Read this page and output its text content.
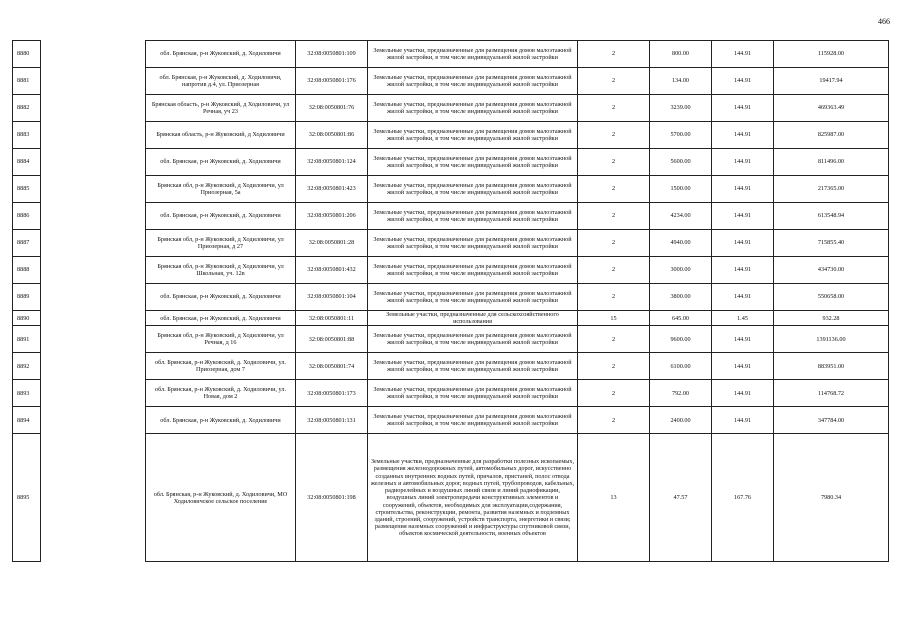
466
8880		обл. Брянская, р-н Жуковский, д. Ходиловичи	32:08:0050801:109	Земельные участки, предназначенные для размещения домов малоэтажной жилой застройки, в том числе индивидуальной жилой застройки	2	800.00	144.91	115928.00
8881		обл. Брянская, р-н Жуковский, д. Ходиловичи, напротив д.4, ул. Приозерная	32:08:0050801:176	Земельные участки, предназначенные для размещения домов малоэтажной жилой застройки, в том числе индивидуальной жилой застройки	2	134.00	144.91	19417.94
8882		Брянская область, р-н Жуковский, д Ходиловичи, ул Речная, уч 23	32:08:0050801:76	Земельные участки, предназначенные для размещения домов малоэтажной жилой застройки, в том числе индивидуальной жилой застройки	2	3239.00	144.91	469363.49
8883		Брянская область, р-н Жуковский, д Ходиловичи	32:08:0050801:86	Земельные участки, предназначенные для размещения домов малоэтажной жилой застройки, в том числе индивидуальной жилой застройки	2	5700.00	144.91	825987.00
8884		обл. Брянская, р-н Жуковский, д. Ходиловичи	32:08:0050801:124	Земельные участки, предназначенные для размещения домов малоэтажной жилой застройки, в том числе индивидуальной жилой застройки	2	5600.00	144.91	811496.00
8885		Брянская обл, р-н Жуковский, д Ходиловичи, ул Приозерная, 5а	32:08:0050801:423	Земельные участки, предназначенные для размещения домов малоэтажной жилой застройки, в том числе индивидуальной жилой застройки	2	1500.00	144.91	217365.00
8886		обл. Брянская, р-н Жуковский, д. Ходиловичи	32:08:0050801:206	Земельные участки, предназначенные для размещения домов малоэтажной жилой застройки, в том числе индивидуальной жилой застройки	2	4234.00	144.91	613548.94
8887		Брянская обл, р-н Жуковский, д Ходиловичи, ул Приозерная, д 27	32:08:0050801:28	Земельные участки, предназначенные для размещения домов малоэтажной жилой застройки, в том числе индивидуальной жилой застройки	2	4940.00	144.91	715855.40
8888		Брянская обл, р-н Жуковский, д Ходиловичи, ул Школьная, уч. 12в	32:08:0050801:432	Земельные участки, предназначенные для размещения домов малоэтажной жилой застройки, в том числе индивидуальной жилой застройки	2	3000.00	144.91	434730.00
8889		обл. Брянская, р-н Жуковский, д. Ходиловичи	32:08:0050801:104	Земельные участки, предназначенные для размещения домов малоэтажной жилой застройки, в том числе индивидуальной жилой застройки	2	3800.00	144.91	550658.00
8890		обл. Брянская, р-н Жуковский, д. Ходиловичи	32:08:0050801:11	Земельные участки, предназначенные для сельскохозяйственного использования	15	645.00	1.45	932.28
8891		Брянская обл, р-н Жуковский, д Ходиловичи, ул Речная, д 16	32:08:0050801:88	Земельные участки, предназначенные для размещения домов малоэтажной жилой застройки, в том числе индивидуальной жилой застройки	2	9600.00	144.91	1391136.00
8892		обл. Брянская, р-н Жуковский, д. Ходиловичи, ул. Приозерная, дом 7	32:08:0050801:74	Земельные участки, предназначенные для размещения домов малоэтажной жилой застройки, в том числе индивидуальной жилой застройки	2	6100.00	144.91	883951.00
8893		обл. Брянская, р-н Жуковский, д. Ходиловичи, ул. Новая, дом 2	32:08:0050801:173	Земельные участки, предназначенные для размещения домов малоэтажной жилой застройки, в том числе индивидуальной жилой застройки	2	792.00	144.91	114768.72
8894		обл. Брянская, р-н Жуковский, д. Ходиловичи	32:08:0050801:131	Земельные участки, предназначенные для размещения домов малоэтажной жилой застройки, в том числе индивидуальной жилой застройки	2	2400.00	144.91	347784.00
8895		обл. Брянская, р-н Жуковский, д. Ходиловичи, МО Ходиловичское сельское поселение	32:08:0050801:198	Земельные участки, предназначенные для разработки полезных ископаемых, размещения железнодорожных путей, автомобильных дорог, искусственно созданных внутренних водных путей, причалов, пристаней, полос отвода железных и автомобильных дорог, водных путей, трубопроводов, кабельных, радиорелейных и воздушных линий связи и линий радиофикации, воздушных линий электропередачи конструктивных элементов и сооружений, объектов, необходимых для эксплуатации,содержания, строительства, реконструкции, ремонта, развития наземных и подземных зданий, строений, сооружений, устройств транспорта, энергетики и связи; размещения наземных сооружений и инфраструктуры спутниковой связи, объектов космической деятельности, военных объектов	13	47.57	167.76	7980.34
